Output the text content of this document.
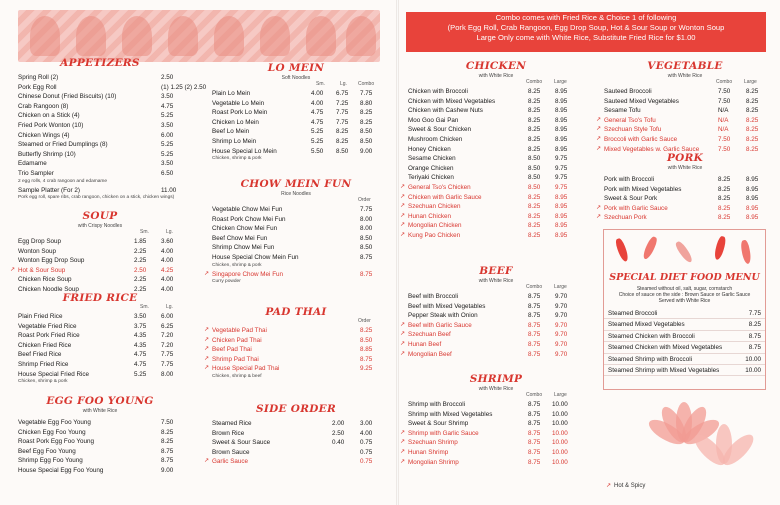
Combo comes with Fried Rice & Choice 1 of following
(Pork Egg Roll, Crab Rangoon, Egg Drop Soup, Hot & Sour Soup or Wonton Soup
Large Only come with White Rice, Substitute Fried Rice for $1.00
APPETIZERS
Spring Roll (2)	2.50
Pork Egg Roll	(1) 1.25 (2) 2.50
Chinese Donut (Fried Biscuits) (10)	3.50
Crab Rangoon (8)	4.75
Chicken on a Stick (4)	5.25
Fried Pork Wonton (10)	3.50
Chicken Wings (4)	6.00
Steamed or Fried Dumplings (8)	5.25
Butterfly Shrimp (10)	5.25
Edamame	3.50
Trio Sampler	6.50
2 egg rolls, 4 crab rangoon and edamame
Sample Platter (For 2)	11.00
Pork egg roll, spare ribs, crab rangoon, chicken on a stick, chicken wings)
SOUP
with Crispy Noodles
Sm.	Lg.
Egg Drop Soup	1.85 3.60
Wonton Soup	2.25 4.00
Wonton Egg Drop Soup	2.25 4.00
↗ Hot & Sour Soup	2.50 4.25
Chicken Rice Soup	2.25 4.00
Chicken Noodle Soup	2.25 4.00
FRIED RICE
Sm.	Lg.
Plain Fried Rice	3.50 6.00
Vegetable Fried Rice	3.75 6.25
Roast Pork Fried Rice	4.35 7.20
Chicken Fried Rice	4.35 7.20
Beef Fried Rice	4.75 7.75
Shrimp Fried Rice	4.75 7.75
House Special Fried Rice	5.25 8.00
Chicken, shrimp & pork
EGG FOO YOUNG
with White Rice
Vegetable Egg Foo Young	7.50
Chicken Egg Foo Young	8.25
Roast Pork Egg Foo Young	8.25
Beef Egg Foo Young	8.75
Shrimp Egg Foo Young	8.75
House Special Egg Foo Young	9.00
LO MEIN
Soft Noodles
Sm.	Lg. Combo
Plain Lo Mein	4.00 6.75 7.75
Vegetable Lo Mein	4.00 7.25 8.80
Roast Pork Lo Mein	4.75 7.75 8.25
Chicken Lo Mein	4.75 7.75 8.25
Beef Lo Mein	5.25 8.25 8.50
Shrimp Lo Mein	5.25 8.25 8.50
House Special Lo Mein	5.50 8.50 9.00
Chicken, shrimp & pork
CHOW MEIN FUN
Rice Noodles
Order
Vegetable Chow Mei Fun	7.75
Roast Pork Chow Mei Fun	8.00
Chicken Chow Mei Fun	8.00
Beef Chow Mei Fun	8.50
Shrimp Chow Mei Fun	8.50
House Special Chow Mein Fun	8.75
Chicken, shrimp & pork
↗ Singapore Chow Mei Fun	8.75
Curry powder
PAD THAI
Order
↗ Vegetable Pad Thai	8.25
↗ Chicken Pad Thai	8.50
↗ Beef Pad Thai	8.85
↗ Shrimp Pad Thai	8.75
↗ House Special Pad Thai	9.25
Chicken, shrimp & beef
SIDE ORDER
Steamed Rice	2.00 3.00
Brown Rice	2.50 4.00
Sweet & Sour Sauce	0.40 0.75
Brown Sauce	0.75
↗ Garlic Sauce	0.75
CHICKEN
with White Rice
Combo Large
Chicken with Broccoli	8.25 8.95
Chicken with Mixed Vegetables	8.25 8.95
Chicken with Cashew Nuts	8.25 8.95
Moo Goo Gai Pan	8.25 8.95
Sweet & Sour Chicken	8.25 8.95
Mushroom Chicken	8.25 8.95
Honey Chicken	8.25 8.95
Sesame Chicken	8.50 9.75
Orange Chicken	8.50 9.75
Teriyaki Chicken	8.50 9.75
↗ General Tso's Chicken	8.50 9.75
↗ Chicken with Garlic Sauce	8.25 8.95
↗ Szechuan Chicken	8.25 8.95
↗ Hunan Chicken	8.25 8.95
↗ Mongolian Chicken	8.25 8.95
↗ Kung Pao Chicken	8.25 8.95
BEEF
with White Rice
Combo Large
Beef with Broccoli	8.75 9.70
Beef with Mixed Vegetables	8.75 9.70
Pepper Steak with Onion	8.75 9.70
↗ Beef with Garlic Sauce	8.75 9.70
↗ Szechuan Beef	8.75 9.70
↗ Hunan Beef	8.75 9.70
↗ Mongolian Beef	8.75 9.70
SHRIMP
with White Rice
Combo Large
Shrimp with Broccoli	8.75 10.00
Shrimp with Mixed Vegetables	8.75 10.00
Sweet & Sour Shrimp	8.75 10.00
↗ Shrimp with Garlic Sauce	8.75 10.00
↗ Szechuan Shrimp	8.75 10.00
↗ Hunan Shrimp	8.75 10.00
↗ Mongolian Shrimp	8.75 10.00
VEGETABLE
with White Rice
Combo Large
Sauteed Broccoli	7.50 8.25
Sauteed Mixed Vegetables	7.50 8.25
Sesame Tofu	N/A	8.25
↗ General Tso's Tofu	N/A	8.25
↗ Szechuan Style Tofu	N/A	8.25
↗ Broccoli with Garlic Sauce	7.50 8.25
↗ Mixed Vegetables w. Garlic Sauce	7.50 8.25
PORK
with White Rice
Pork with Broccoli	8.25 8.95
Pork with Mixed Vegetables	8.25 8.95
Sweet & Sour Pork	8.25 8.95
↗ Pork with Garlic Sauce	8.25 8.95
↗ Szechuan Pork	8.25 8.95
SPECIAL DIET FOOD MENU
Steamed without oil, salt, sugar, cornstarch
Choice of sauce on the side : Brown Sauce or Garlic Sauce
Served with White Rice
Steamed Broccoli	7.75
Steamed Mixed Vegetables	8.25
Steamed Chicken with Broccoli	8.75
Steamed Chicken with Mixed Vegetables	8.75
Steamed Shrimp with Broccoli	10.00
Steamed Shrimp with Mixed Vegetables	10.00
↗ Hot & Spicy
